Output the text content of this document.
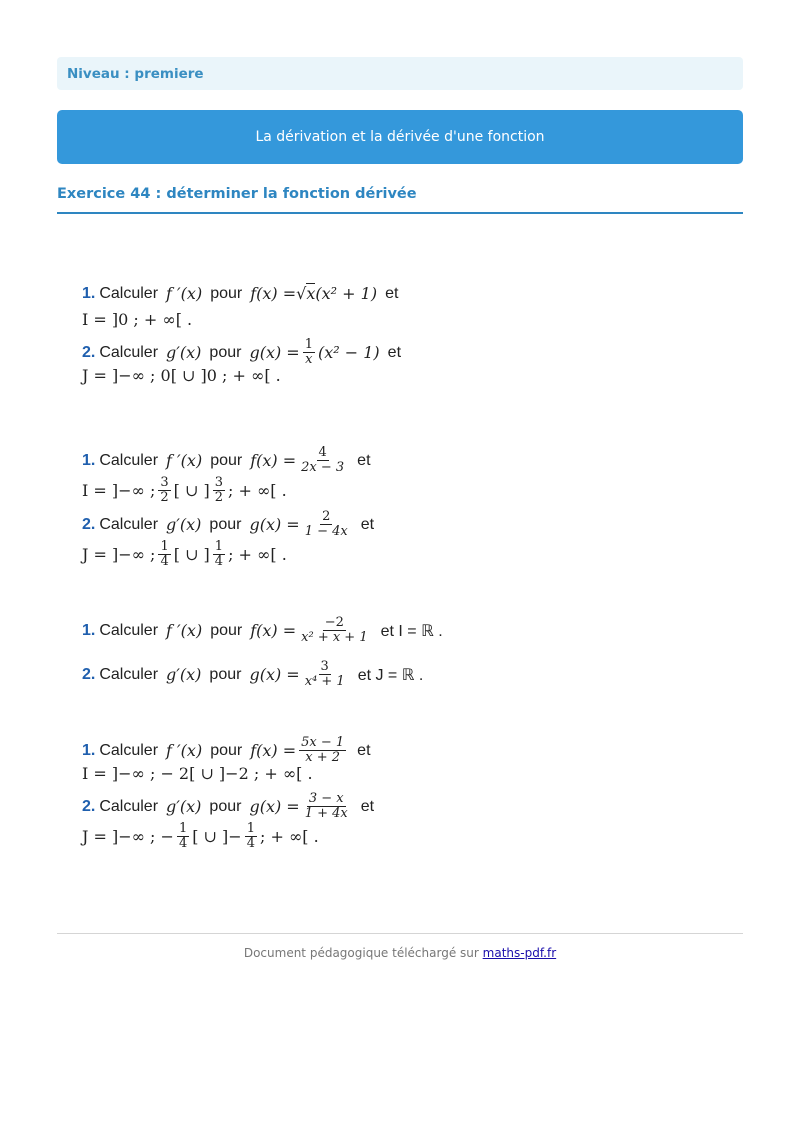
Niveau : premiere
La dérivation et la dérivée d'une fonction
Exercice 44 : déterminer la fonction dérivée
1. Calculer f ′(x) pour f(x) = √x (x² + 1) et
I = ]0 ; + ∞[ .
2. Calculer g′(x) pour $g(x) = \frac{1}{x} (x^2 - 1)$ et
J = ]−∞ ; 0[ ∪ ]0 ; + ∞[ .
1. Calculer f ′(x) pour $f(x) = \frac{4}{2x - 3}$ et
I = ]−∞ ; $\frac{3}{2}$ [ ∪ ] $\frac{3}{2}$ ; + ∞[ .
2. Calculer g′(x) pour $g(x) = \frac{2}{1 - 4x}$ et
J = ]−∞ ; $\frac{1}{4}$ [ ∪ ] $\frac{1}{4}$ ; + ∞[ .
1. Calculer f ′(x) pour $f(x) = \frac{-2}{\text{x² + x + 1}}$ et I = ℝ .
2. Calculer g′(x) pour $g(x) = \frac{3}{\text{x⁴ + 1}}$ et J = ℝ .
1. Calculer f ′(x) pour $f(x) = \frac{5x - 1}{x + 2}$ et
I = ]−∞ ; − 2[ ∪ ]−2 ; + ∞[ .
2. Calculer g′(x) pour $g(x) = \frac{3 - x}{1 + 4x}$ et
J = ]−∞ ; − $\frac{1}{4}$ [ ∪ ]− $\frac{1}{4}$ ; + ∞[ .
Document pédagogique téléchargé sur maths-pdf.fr
